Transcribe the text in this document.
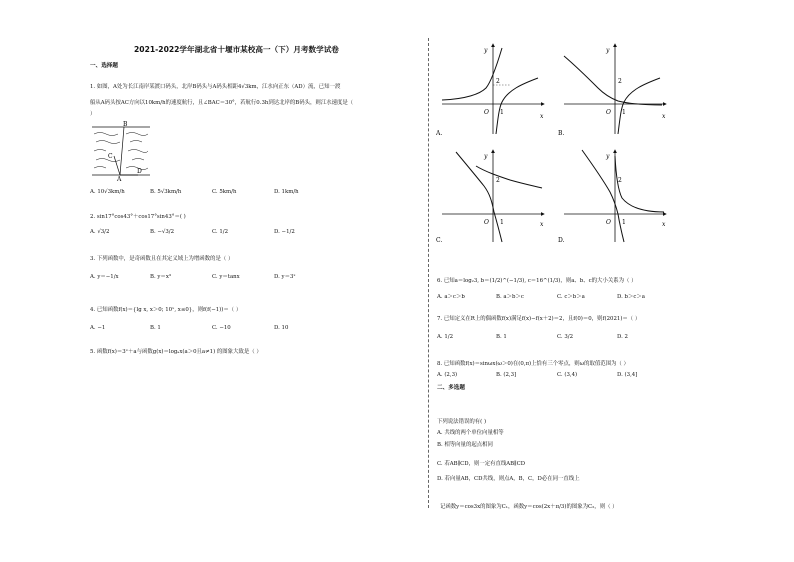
2021-2022学年湖北省十堰市某校高一（下）月考数学试卷
一、选择题
1. 如图，A处为长江南岸某渡口码头，北岸B码头与A码头相距4√3km，江水向正东（AD）流，已知一渡
船从A码头按AC方向以10km/h的速度航行，且∠BAC＝30°，若航行0.3h到达北岸的B码头，则江水速度是（
）
B
C
A
D
A. 10√3km/h	B. 5√3km/h	C. 5km/h	D. 1km/h
2. sin17°cos43°＋cos17°sin43°＝( )
A. √3/2	B. −√3/2	C. 1/2	D. −1/2
3. 下列函数中，是奇函数且在其定义域上为增函数的是（ ）
A. y＝−1/x	B. y＝x³	C. y＝tanx	D. y＝3ˣ
4. 已知函数f(x)＝{lg x, x＞0; 10ˣ, x≤0}，则f(f(−1))＝（ ）
A. −1	B. 1	C. −10	D. 10
5. 函数f(x)＝3ˣ＋a与函数g(x)＝logₐx(a＞0且a≠1) 的图象大致是（ ）
y
x
O 1
2
A.
y
x
O 1
2
B.
y
x
O 1
2
C.
y
x
O 1
2
D.
6. 已知a＝log₂3, b＝(1/2)^(−1/3), c＝16^(1/3)，则a、b、c的大小关系为（ ）
A. a＞c＞b	B. a＞b＞c	C. c＞b＞a	D. b＞c＞a
7. 已知定义在R上的偶函数f(x)满足f(x)−f(x＋2)＝2，且f(0)＝0，则f(2021)＝（ ）
A. 1/2	B. 1	C. 3/2	D. 2
8. 已知函数f(x)＝sinωx(ω＞0)在(0,π)上恰有三个零点，则ω的取值范围为（ ）
A. (2,3)	B. (2,3]	C. (3,4)	D. (3,4]
二、多选题
下列说法错误的有( )
A. 共线的两个单位向量相等
B. 相等向量的起点相同
C. 若AB∥CD，则一定有直线AB∥CD
D. 若向量AB，CD共线，则点A，B，C，D必在同一直线上
记函数y＝cos3x的图象为C₁，函数y＝cos(2x＋π/3)的图象为C₂，则（ ）
